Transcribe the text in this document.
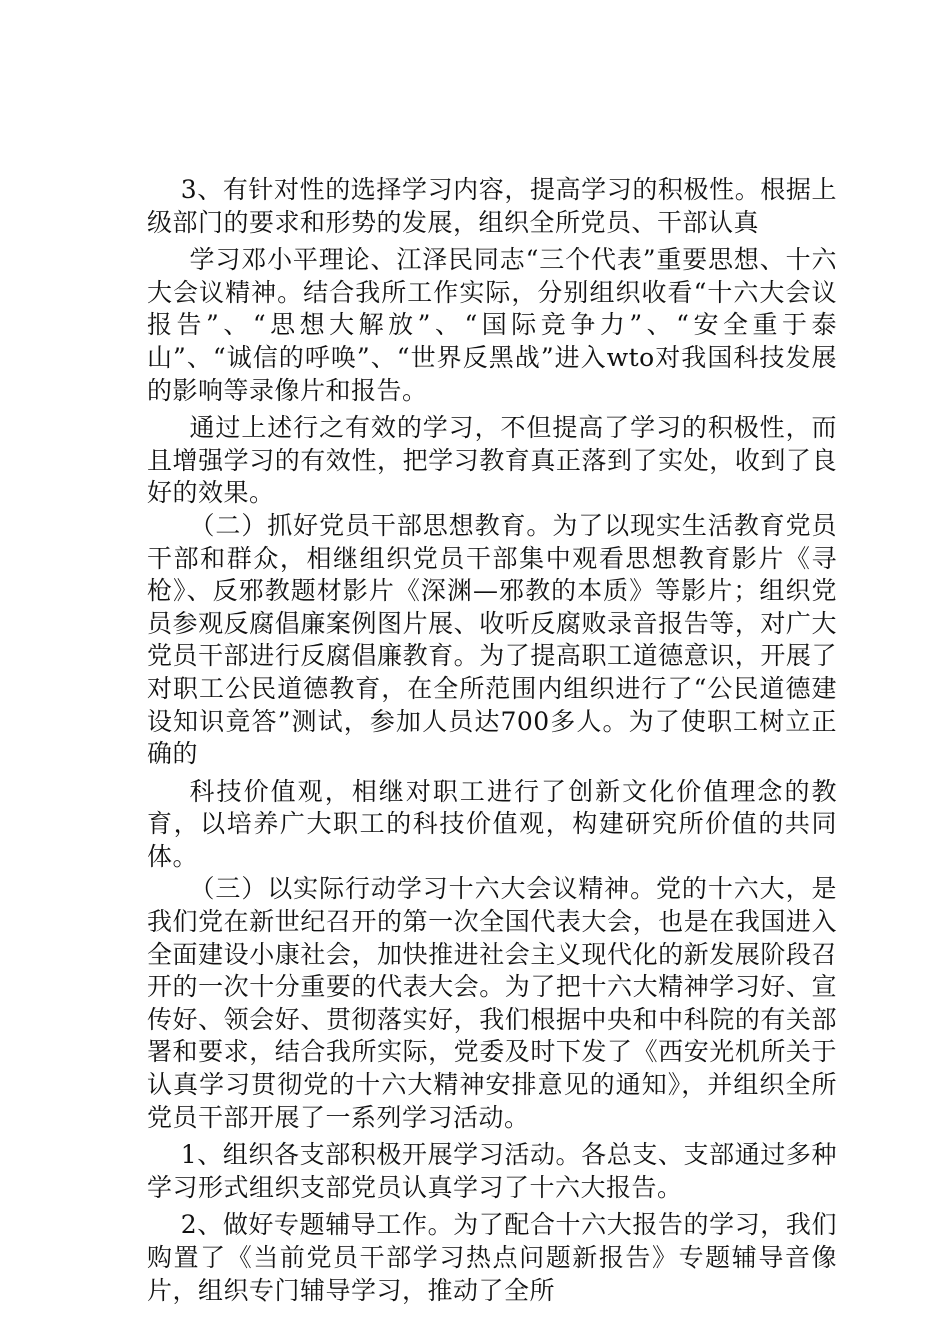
3、有针对性的选择学习内容，提高学习的积极性。根据上级部门的要求和形势的发展，组织全所党员、干部认真

学习邓小平理论、江泽民同志“三个代表”重要思想、十六大会议精神。结合我所工作实际，分别组织收看“十六大会议报告”、“思想大解放”、“国际竞争力”、“安全重于泰山”、“诚信的呼唤”、“世界反黑战”进入wto对我国科技发展的影响等录像片和报告。

通过上述行之有效的学习，不但提高了学习的积极性，而且增强学习的有效性，把学习教育真正落到了实处，收到了良好的效果。

（二）抓好党员干部思想教育。为了以现实生活教育党员干部和群众，相继组织党员干部集中观看思想教育影片《寻枪》、反邪教题材影片《深渊—邪教的本质》等影片；组织党员参观反腐倡廉案例图片展、收听反腐败录音报告等，对广大党员干部进行反腐倡廉教育。为了提高职工道德意识，开展了对职工公民道德教育，在全所范围内组织进行了“公民道德建设知识竟答”测试，参加人员达700多人。为了使职工树立正确的

科技价值观，相继对职工进行了创新文化价值理念的教育，以培养广大职工的科技价值观，构建研究所价值的共同体。

（三）以实际行动学习十六大会议精神。党的十六大，是我们党在新世纪召开的第一次全国代表大会，也是在我国进入全面建设小康社会，加快推进社会主义现代化的新发展阶段召开的一次十分重要的代表大会。为了把十六大精神学习好、宣传好、领会好、贯彻落实好，我们根据中央和中科院的有关部署和要求，结合我所实际，党委及时下发了《西安光机所关于认真学习贯彻党的十六大精神安排意见的通知》，并组织全所党员干部开展了一系列学习活动。

1、组织各支部积极开展学习活动。各总支、支部通过多种学习形式组织支部党员认真学习了十六大报告。

2、做好专题辅导工作。为了配合十六大报告的学习，我们购置了《当前党员干部学习热点问题新报告》专题辅导音像片，组织专门辅导学习，推动了全所
